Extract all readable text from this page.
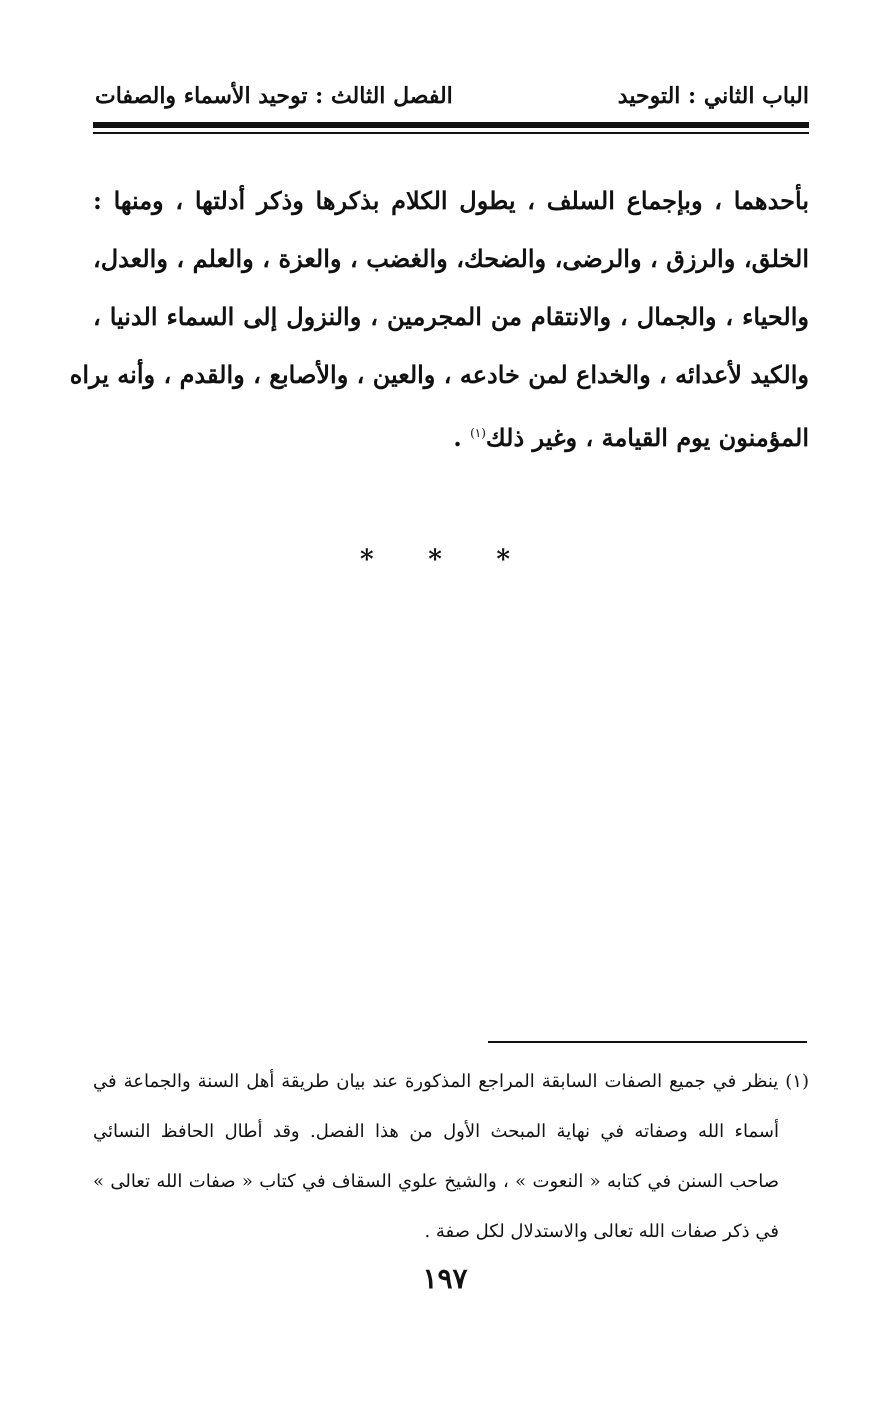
الباب الثاني : التوحيد
الفصل الثالث : توحيد الأسماء والصفات
بأحدهما ، وبإجماع السلف ، يطول الكلام بذكرها وذكر أدلتها ، ومنها :
الخلق، والرزق ، والرضى، والضحك، والغضب ، والعزة ، والعلم ، والعدل،
والحياء ، والجمال ، والانتقام من المجرمين ، والنزول إلى السماء الدنيا ،
والكيد لأعدائه ، والخداع لمن خادعه ، والعين ، والأصابع ، والقدم ، وأنه يراه
المؤمنون يوم القيامة ، وغير ذلك$^{(١)}$ .
*
*
*
(١) ينظر في جميع الصفات السابقة المراجع المذكورة عند بيان طريقة أهل السنة والجماعة في
أسماء الله وصفاته في نهاية المبحث الأول من هذا الفصل. وقد أطال الحافظ النسائي
صاحب السنن في كتابه « النعوت » ، والشيخ علوي السقاف في كتاب « صفات الله تعالى »
في ذكر صفات الله تعالى والاستدلال لكل صفة .
١٩٧
